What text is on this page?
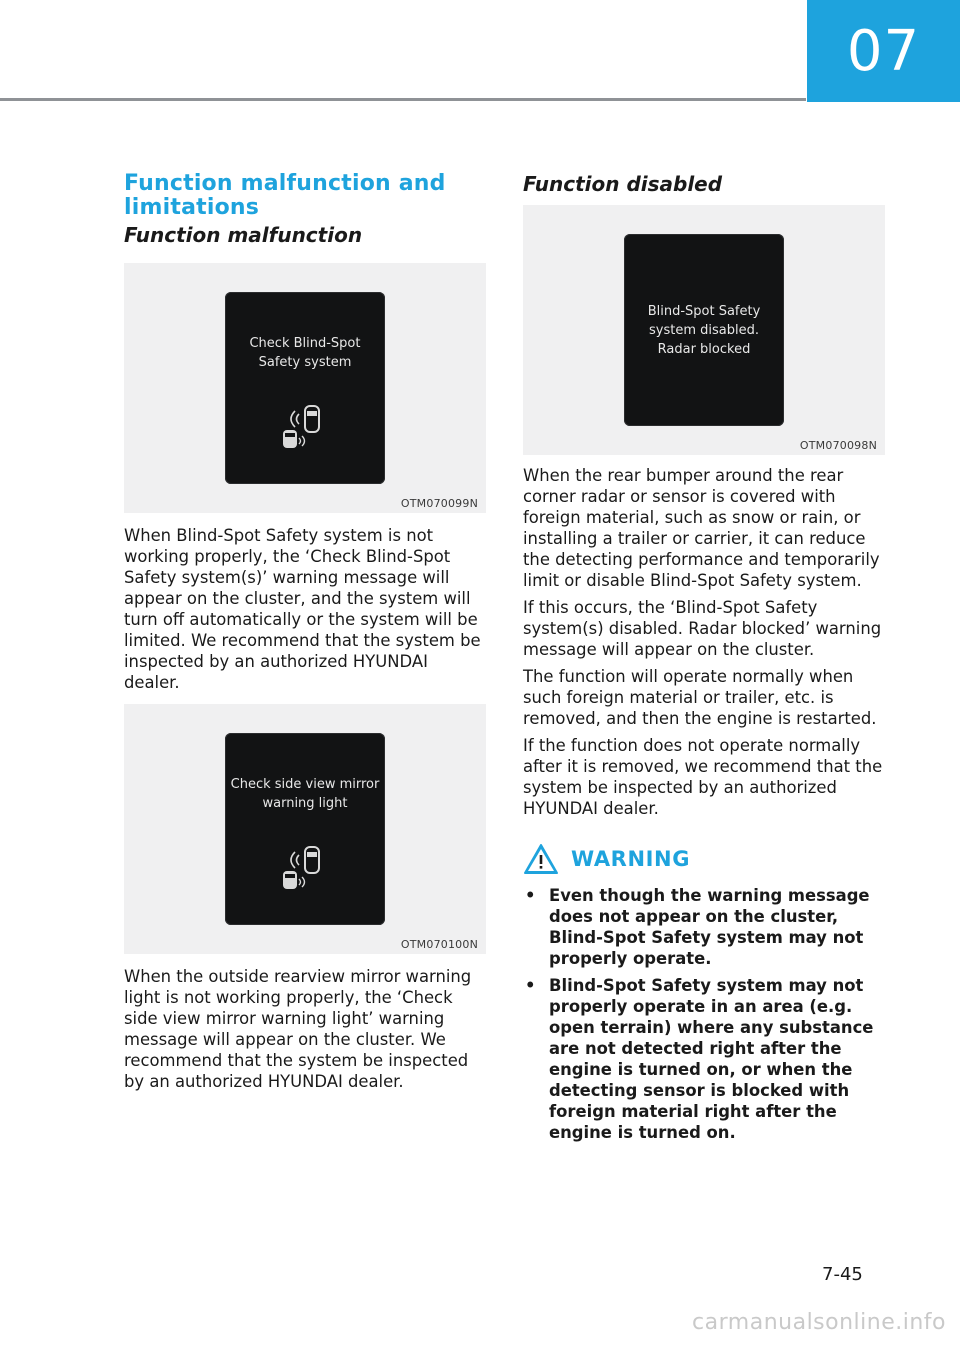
07
Function malfunction and limitations
Function malfunction
Check Blind-Spot
Safety system
OTM070099N

When Blind-Spot Safety system is not working properly, the ‘Check Blind-Spot Safety system(s)’ warning message will appear on the cluster, and the system will turn off automatically or the system will be limited. We recommend that the system be inspected by an authorized HYUNDAI dealer.

Check side view mirror
warning light
OTM070100N

When the outside rearview mirror warning light is not working properly, the ‘Check side view mirror warning light’ warning message will appear on the cluster. We recommend that the system be inspected by an authorized HYUNDAI dealer.

Function disabled
Blind-Spot Safety
system disabled.
Radar blocked
OTM070098N

When the rear bumper around the rear corner radar or sensor is covered with foreign material, such as snow or rain, or installing a trailer or carrier, it can reduce the detecting performance and temporarily limit or disable Blind-Spot Safety system.

If this occurs, the ‘Blind-Spot Safety system(s) disabled. Radar blocked’ warning message will appear on the cluster.

The function will operate normally when such foreign material or trailer, etc. is removed, and then the engine is restarted.

If the function does not operate normally after it is removed, we recommend that the system be inspected by an authorized HYUNDAI dealer.

WARNING
• Even though the warning message does not appear on the cluster, Blind-Spot Safety system may not properly operate.
• Blind-Spot Safety system may not properly operate in an area (e.g. open terrain) where any substance are not detected right after the engine is turned on, or when the detecting sensor is blocked with foreign material right after the engine is turned on.
7-45
carmanualsonline.info
